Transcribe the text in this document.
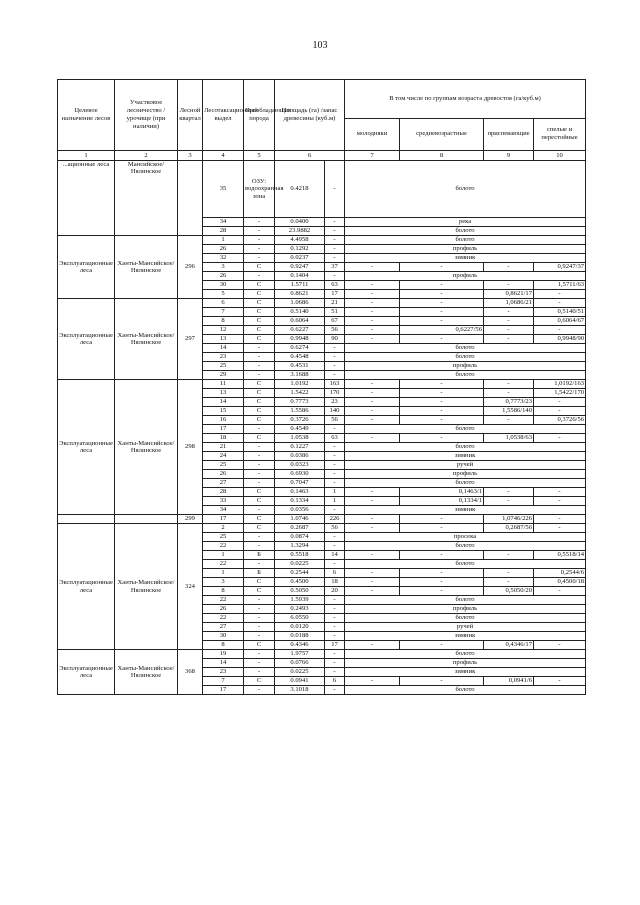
103
Целевое назначение лесов	Участковое лесничество /урочище (при наличии)	Лесной квартал	Лесотаксационный выдел	Преобладающая порода	Площадь (га) /запас древесины (куб.м)		В том числе по группам возраста древостоя (га/куб.м)			
							молодняки	средневозрастные	приспевающие	спелые и перестойные
1	2	3	4	5	6		7	8	9	10
...ационные леса	Мансийское/ Нялинское		35	ОЗУ: водоохранная зона	0.4218	-	болото			
			34	-	0.0400	-	река			
			28	-	23.9882	-	болото			
Эксплуатационные леса	Ханты-Мансийское/ Нялинское	296	1	-	4.4958	-	болото			
			26	-	0.1292	-	профиль			
			32	-	0.0237	-	зимник			
			3	С	0.9247	37	-	-	-	0,9247/37
			26	-	0.1404	-	профиль			
			30	С	1.5711	63	-	-	-	1,5711/63
			5	С	0.8621	17	-	-	0,8621/17	-
Эксплуатационные леса	Ханты-Мансийское/ Нялинское	297	6	С	1.0686	21	-	-	1,0686/21	-
			7	С	0.5140	51	-	-	-	0,5140/51
			8	С	0.6064	67	-	-	-	0,6064/67
			12	С	0.6227	56	-	0,6227/56	-	-
			13	С	0.9948	90	-	-	-	0,9948/90
			14	-	0.6274	-	болото			
			23	-	0.4548	-	болото			
			25	-	0.4531	-	профиль			
			29	-	3.1688	-	болото			
Эксплуатационные леса	Ханты-Мансийское/ Нялинское	298	11	С	1.0192	163	-	-	-	1,0192/163
			13	С	1.5422	170	-	-	-	1,5422/170
			14	С	0.7773	23	-	-	0,7773/23	-
			15	С	1.5586	140	-	-	1,5586/140	-
			16	С	0.3726	56	-	-	-	0,3726/56
			17	-	0.4549	-	болото			
			18	С	1.0538	63	-	-	1,0538/63	-
			21	-	0.1227	-	болото			
			24	-	0.0386	-	зимник			
			25	-	0.0323	-	ручей			
			26	-	0.6930	-	профиль			
			27	-	0.7047	-	болото			
			28	С	0.1463	1	-	0,1463/1	-	-
			33	С	0.1334	1	-	0,1334/1	-	-
			34	-	0.0356	-	зимник			
		299	17	С	1.0746	226	-	-	1,0746/226	-
Эксплуатационные леса	Ханты-Мансийское/ Нялинское	324	2	С	0.2687	56	-	-	0,2687/56	-
			25	-	0.0874	-	просека			
			22	-	1.3294	-	болото			
			1	Б	0.5518	14	-	-	-	0,5518/14
			22	-	0.0225	-	болото			
			1	Б	0.2544	6	-	-	-	0,2544/6
			3	С	0.4500	18	-	-	-	0,4500/18
			8	С	0.5050	20	-	-	0,5050/20	-
			22	-	1.5939	-	болото			
			26	-	0.2493	-	профиль			
			22	-	6.0550	-	болото			
			27	-	0.0120	-	ручей			
			30	-	0.0188	-	зимник			
			8	С	0.4346	17	-	-	0,4346/17	-
Эксплуатационные леса	Ханты-Мансийское/ Нялинское	368	19	-	1.9757	-	болото			
			14	-	0.0766	-	профиль			
			23	-	0.0225	-	зимник			
			7	С	0.0941	6	-	-	0,0941/6	-
			17	-	3.1018	-	болото			
